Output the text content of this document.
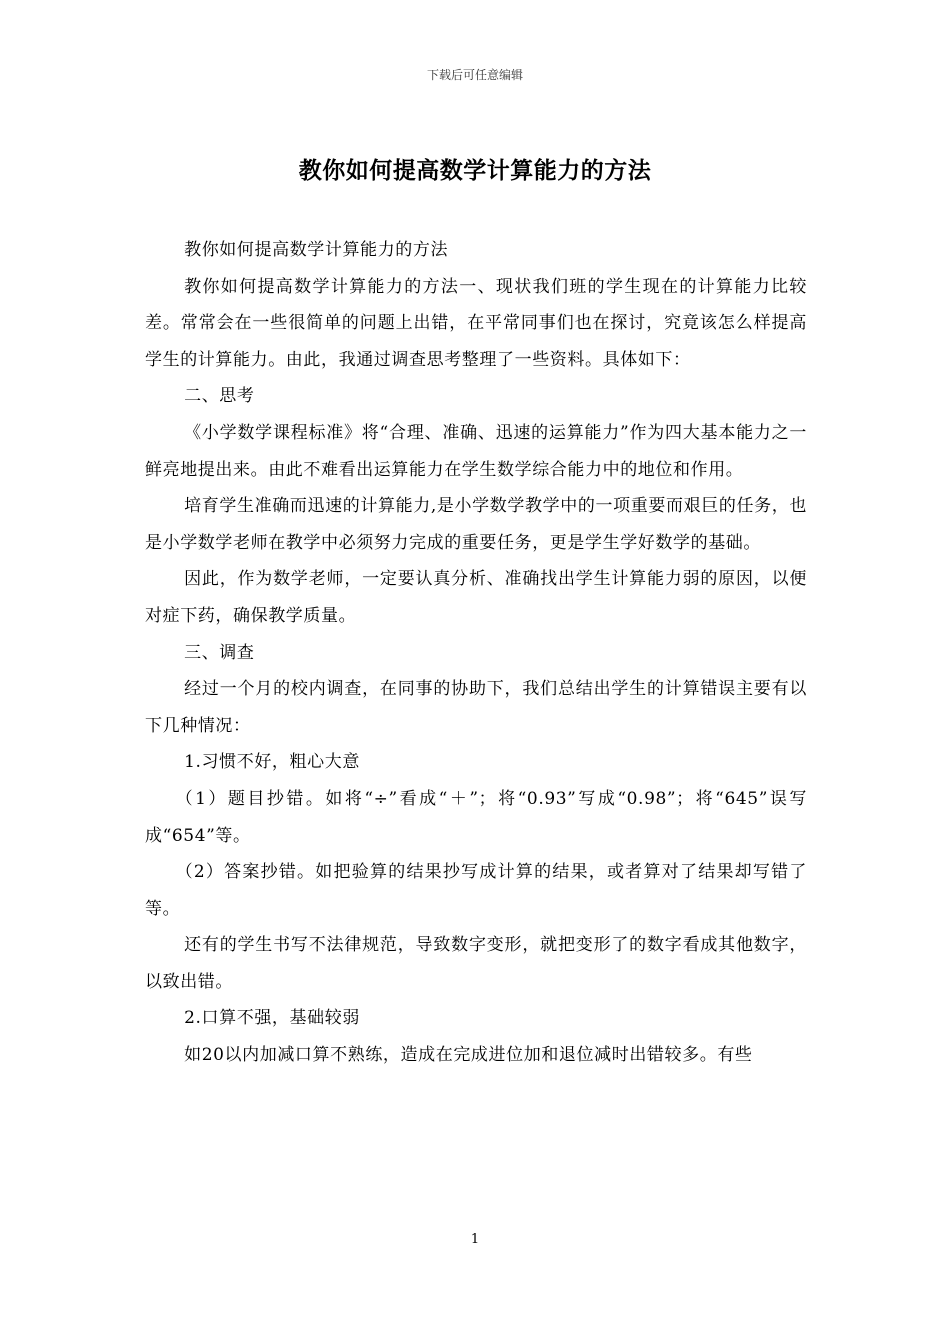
下载后可任意编辑
教你如何提高数学计算能力的方法

教你如何提高数学计算能力的方法

教你如何提高数学计算能力的方法一、现状我们班的学生现在的计算能力比较差。常常会在一些很简单的问题上出错，在平常同事们也在探讨，究竟该怎么样提高学生的计算能力。由此，我通过调查思考整理了一些资料。具体如下：

二、思考

《小学数学课程标准》将“合理、准确、迅速的运算能力”作为四大基本能力之一鲜亮地提出来。由此不难看出运算能力在学生数学综合能力中的地位和作用。

培育学生准确而迅速的计算能力,是小学数学教学中的一项重要而艰巨的任务，也是小学数学老师在教学中必须努力完成的重要任务，更是学生学好数学的基础。

因此，作为数学老师，一定要认真分析、准确找出学生计算能力弱的原因，以便对症下药，确保教学质量。

三、调查

经过一个月的校内调查，在同事的协助下，我们总结出学生的计算错误主要有以下几种情况：

1.习惯不好，粗心大意

（1）题目抄错。如将“÷”看成“＋”；将“0.93”写成“0.98”；将“645”误写成“654”等。

（2）答案抄错。如把验算的结果抄写成计算的结果，或者算对了结果却写错了等。

还有的学生书写不法律规范，导致数字变形，就把变形了的数字看成其他数字，以致出错。

2.口算不强，基础较弱

如20以内加减口算不熟练，造成在完成进位加和退位减时出错较多。有些

1
